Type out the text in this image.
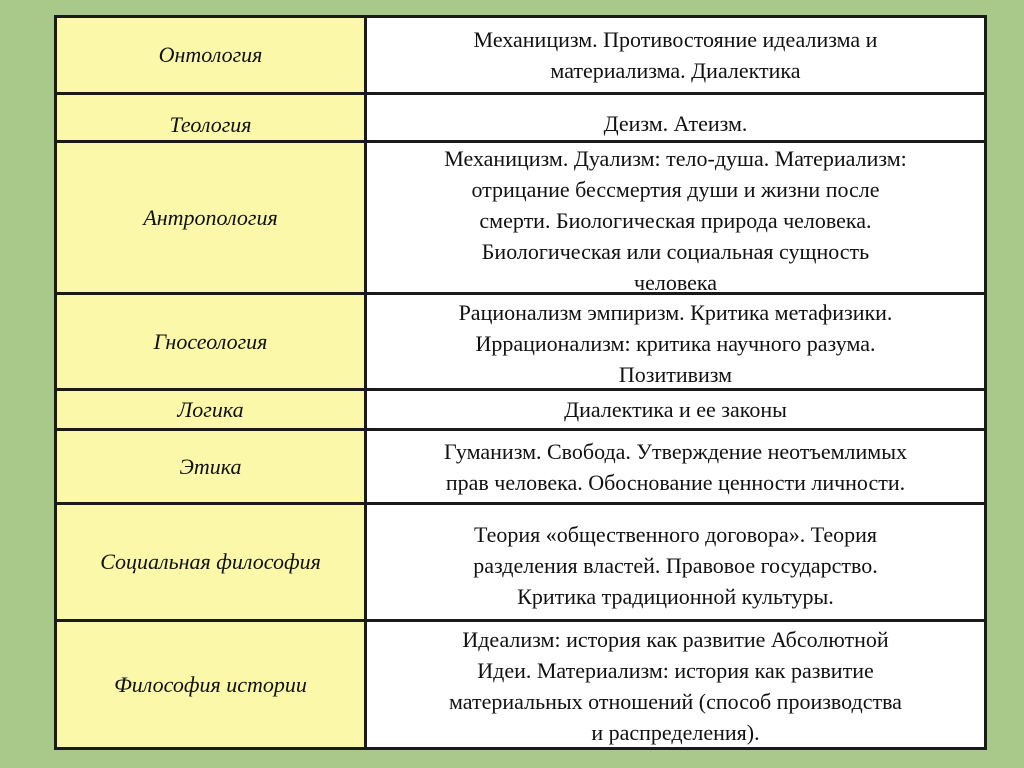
Онтология
Механицизм. Противостояние идеализма и
материализма. Диалектика
Теология	Деизм. Атеизм.
Антропология
Механицизм. Дуализм: тело-душа. Материализм:
отрицание бессмертия души и жизни после
смерти. Биологическая природа человека.
Биологическая или социальная сущность
человека
Гносеология
Рационализм эмпиризм. Критика метафизики.
Иррационализм: критика научного разума.
Позитивизм
Логика	Диалектика и ее законы
Этика
Гуманизм. Свобода. Утверждение неотъемлимых
прав человека. Обоснование ценности личности.
Социальная философия
Теория «общественного договора». Теория
разделения властей. Правовое государство.
Критика традиционной культуры.
Философия истории
Идеализм: история как развитие Абсолютной
Идеи. Материализм: история как развитие
материальных отношений (способ производства
и распределения).
